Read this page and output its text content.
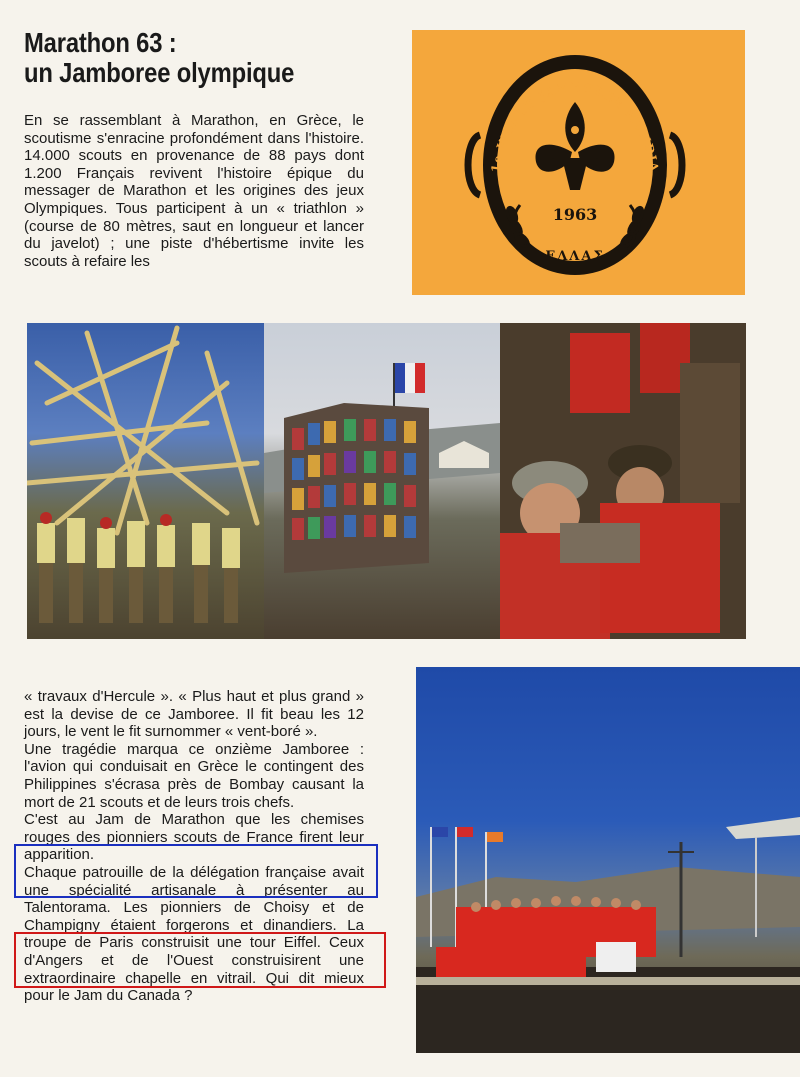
Marathon 63 :
un Jamboree olympique

En se rassemblant à Marathon, en Grèce, le scoutisme s'enracine profondément dans l'histoire. 14.000 scouts en provenance de 88 pays dont 1.200 Français revivent l'histoire épique du messager de Marathon et les origines des jeux Olympiques. Tous participent à un « triathlon » (course de 80 mètres, saut en longueur et lancer du javelot) ; une piste d'hébertisme invite les scouts à refaire les

1e WORLD JAMBOREE MONDIA
1963
ΕΛΛΑΣ

« travaux d'Hercule ». « Plus haut et plus grand » est la devise de ce Jamboree. Il fit beau les 12 jours, le vent le fit surnommer « vent-boré ».

Une tragédie marqua ce onzième Jamboree : l'avion qui conduisait en Grèce le contingent des Philippines s'écrasa près de Bombay causant la mort de 21 scouts et de leurs trois chefs.

C'est au Jam de Marathon que les chemises rouges des pionniers scouts de France firent leur apparition.

Chaque patrouille de la délégation française avait une spécialité artisanale à présenter au Talentorama. Les pionniers de Choisy et de Champigny étaient forgerons et dinandiers. La troupe de Paris construisit une tour Eiffel. Ceux d'Angers et de l'Ouest construisirent une extraordinaire chapelle en vitrail. Qui dit mieux pour le Jam du Canada ?
